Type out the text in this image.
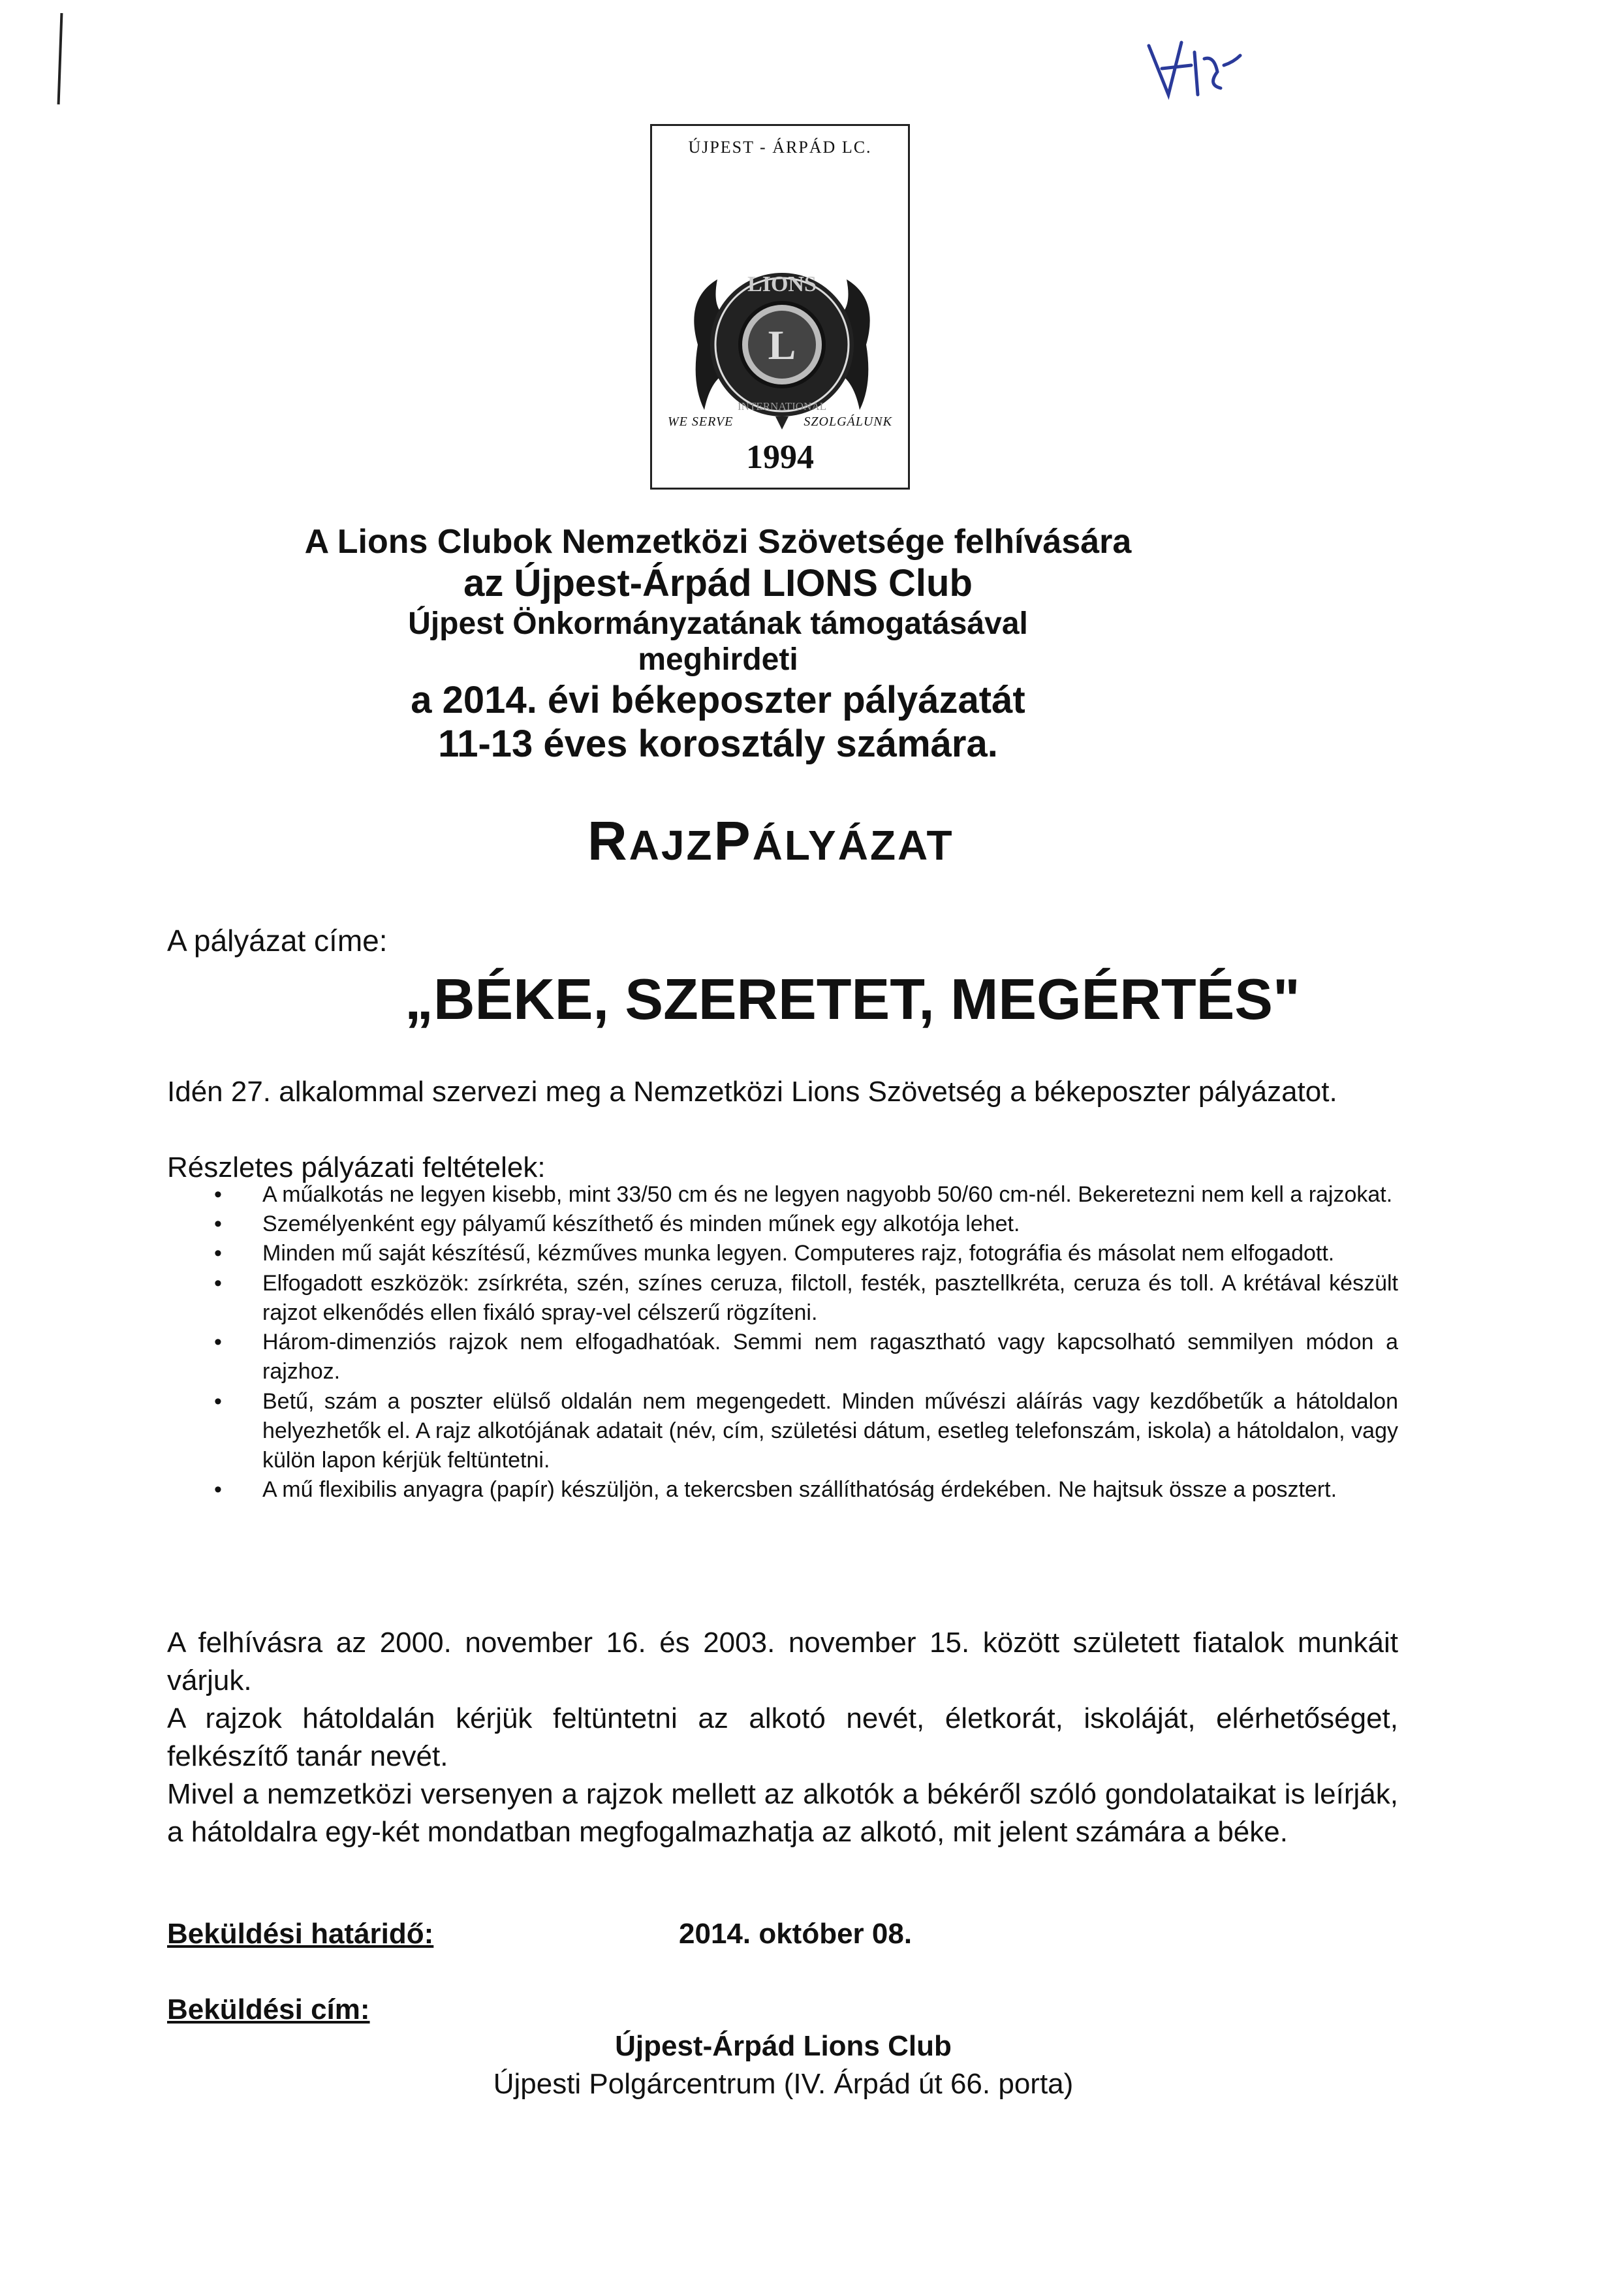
ÚJPEST - ÁRPÁD LC.
LIONS
L
INTERNATIONAL
WE SERVE	SZOLGÁLUNK
1994
A Lions Clubok Nemzetközi Szövetsége felhívására
az Újpest-Árpád LIONS Club
Újpest Önkormányzatának támogatásával
meghirdeti
a 2014. évi békeposzter pályázatát
11-13 éves korosztály számára.
RAJZPÁLYÁZAT
A pályázat címe:
„BÉKE, SZERETET, MEGÉRTÉS"
Idén 27. alkalommal szervezi meg a Nemzetközi Lions Szövetség a békeposzter pályázatot.
Részletes pályázati feltételek:
• A műalkotás ne legyen kisebb, mint 33/50 cm és ne legyen nagyobb 50/60 cm-nél. Bekeretezni nem kell a rajzokat.
• Személyenként egy pályamű készíthető és minden műnek egy alkotója lehet.
• Minden mű saját készítésű, kézműves munka legyen. Computeres rajz, fotográfia és másolat nem elfogadott.
• Elfogadott eszközök: zsírkréta, szén, színes ceruza, filctoll, festék, pasztellkréta, ceruza és toll. A krétával készült rajzot elkenődés ellen fixáló spray-vel célszerű rögzíteni.
• Három-dimenziós rajzok nem elfogadhatóak. Semmi nem ragasztható vagy kapcsolható semmilyen módon a rajzhoz.
• Betű, szám a poszter elülső oldalán nem megengedett. Minden művészi aláírás vagy kezdőbetűk a hátoldalon helyezhetők el. A rajz alkotójának adatait (név, cím, születési dátum, esetleg telefonszám, iskola) a hátoldalon, vagy külön lapon kérjük feltüntetni.
• A mű flexibilis anyagra (papír) készüljön, a tekercsben szállíthatóság érdekében. Ne hajtsuk össze a posztert.

A felhívásra az 2000. november 16. és 2003. november 15. között született fiatalok munkáit várjuk.

A rajzok hátoldalán kérjük feltüntetni az alkotó nevét, életkorát, iskoláját, elérhetőséget, felkészítő tanár nevét.

Mivel a nemzetközi versenyen a rajzok mellett az alkotók a békéről szóló gondolataikat is leírják, a hátoldalra egy-két mondatban megfogalmazhatja az alkotó, mit jelent számára a béke.

Beküldési határidő:	2014. október 08.
Beküldési cím:
Újpest-Árpád Lions Club
Újpesti Polgárcentrum (IV. Árpád út 66. porta)
